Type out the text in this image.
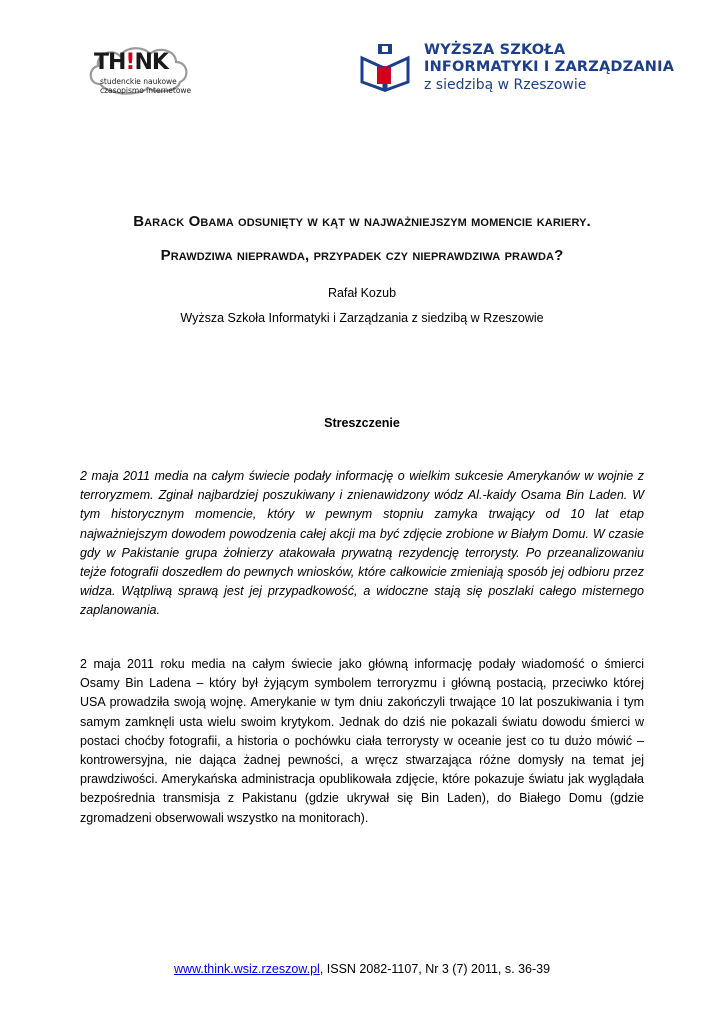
TH!NK
studenckie naukowe
czasopismo internetowe
WYŻSZA SZKOŁA
INFORMATYKI I ZARZĄDZANIA
z siedzibą w Rzeszowie
Barack Obama odsunięty w kąt w najważniejszym momencie kariery.
Prawdziwa nieprawda, przypadek czy nieprawdziwa prawda?
Rafał Kozub
Wyższa Szkoła Informatyki i Zarządzania z siedzibą w Rzeszowie
Streszczenie

2 maja 2011 media na całym świecie podały informację o wielkim sukcesie Amerykanów w wojnie z terroryzmem. Zginał najbardziej poszukiwany i znienawidzony wódz Al.-kaidy Osama Bin Laden. W tym historycznym momencie, który w pewnym stopniu zamyka trwający od 10 lat etap najważniejszym dowodem powodzenia całej akcji ma być zdjęcie zrobione w Białym Domu. W czasie gdy w Pakistanie grupa żołnierzy atakowała prywatną rezydencję terrorysty. Po przeanalizowaniu tejże fotografii doszedłem do pewnych wniosków, które całkowicie zmieniają sposób jej odbioru przez widza. Wątpliwą sprawą jest jej przypadkowość, a widoczne stają się poszlaki całego misternego zaplanowania.

2 maja 2011 roku media na całym świecie jako główną informację podały wiadomość o śmierci Osamy Bin Ladena – który był żyjącym symbolem terroryzmu i główną postacią, przeciwko której USA prowadziła swoją wojnę. Amerykanie w tym dniu zakończyli trwające 10 lat poszukiwania i tym samym zamknęli usta wielu swoim krytykom. Jednak do dziś nie pokazali światu dowodu śmierci w postaci choćby fotografii, a historia o pochówku ciała terrorysty w oceanie jest co tu dużo mówić – kontrowersyjna, nie dająca żadnej pewności, a wręcz stwarzająca różne domysły na temat jej prawdziwości. Amerykańska administracja opublikowała zdjęcie, które pokazuje światu jak wyglądała bezpośrednia transmisja z Pakistanu (gdzie ukrywał się Bin Laden), do Białego Domu (gdzie zgromadzeni obserwowali wszystko na monitorach).

www.think.wsiz.rzeszow.pl, ISSN 2082-1107, Nr 3 (7) 2011, s. 36-39
